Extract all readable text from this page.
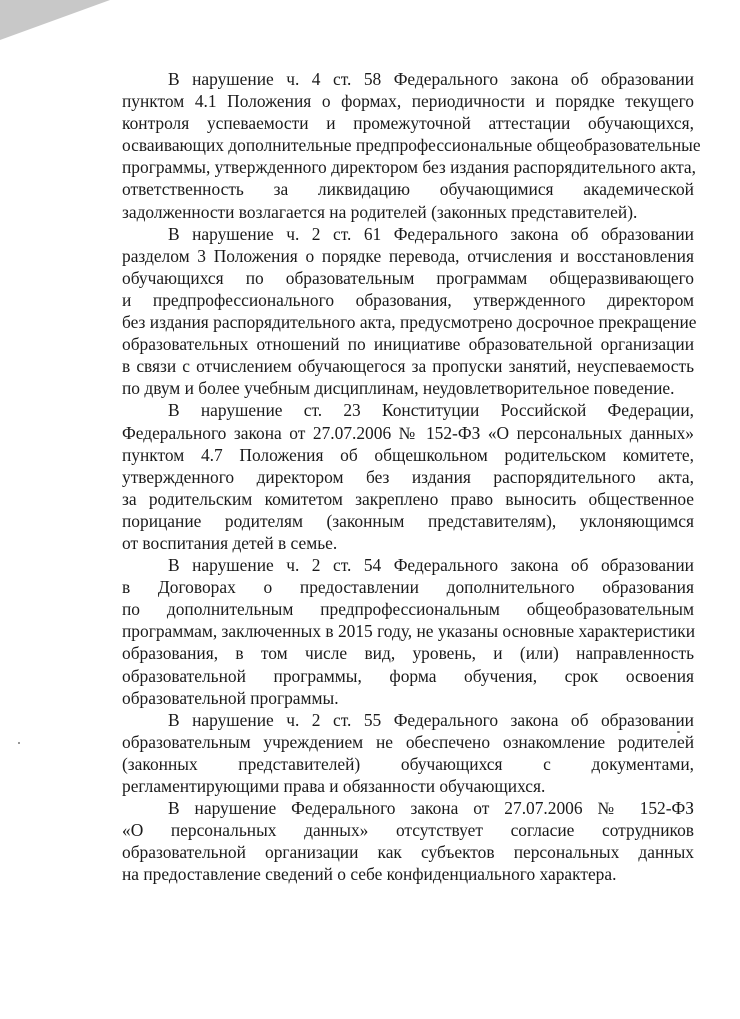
В нарушение ч. 4 ст. 58 Федерального закона об образовании
пунктом 4.1 Положения о формах, периодичности и порядке текущего
контроля успеваемости и промежуточной аттестации обучающихся,
осваивающих дополнительные предпрофессиональные общеобразовательные
программы, утвержденного директором без издания распорядительного акта,
ответственность за ликвидацию обучающимися академической
задолженности возлагается на родителей (законных представителей).
В нарушение ч. 2 ст. 61 Федерального закона об образовании
разделом 3 Положения о порядке перевода, отчисления и восстановления
обучающихся по образовательным программам общеразвивающего
и предпрофессионального образования, утвержденного директором
без издания распорядительного акта, предусмотрено досрочное прекращение
образовательных отношений по инициативе образовательной организации
в связи с отчислением обучающегося за пропуски занятий, неуспеваемость
по двум и более учебным дисциплинам, неудовлетворительное поведение.
В нарушение ст. 23 Конституции Российской Федерации,
Федерального закона от 27.07.2006 № 152-ФЗ «О персональных данных»
пунктом 4.7 Положения об общешкольном родительском комитете,
утвержденного директором без издания распорядительного акта,
за родительским комитетом закреплено право выносить общественное
порицание родителям (законным представителям), уклоняющимся
от воспитания детей в семье.
В нарушение ч. 2 ст. 54 Федерального закона об образовании
в Договорах о предоставлении дополнительного образования
по дополнительным предпрофессиональным общеобразовательным
программам, заключенных в 2015 году, не указаны основные характеристики
образования, в том числе вид, уровень, и (или) направленность
образовательной программы, форма обучения, срок освоения
образовательной программы.
В нарушение ч. 2 ст. 55 Федерального закона об образовании
образовательным учреждением не обеспечено ознакомление родителей
(законных представителей) обучающихся с документами,
регламентирующими права и обязанности обучающихся.
В нарушение Федерального закона от 27.07.2006 № 152-ФЗ
«О персональных данных» отсутствует согласие сотрудников
образовательной организации как субъектов персональных данных
на предоставление сведений о себе конфиденциального характера.
